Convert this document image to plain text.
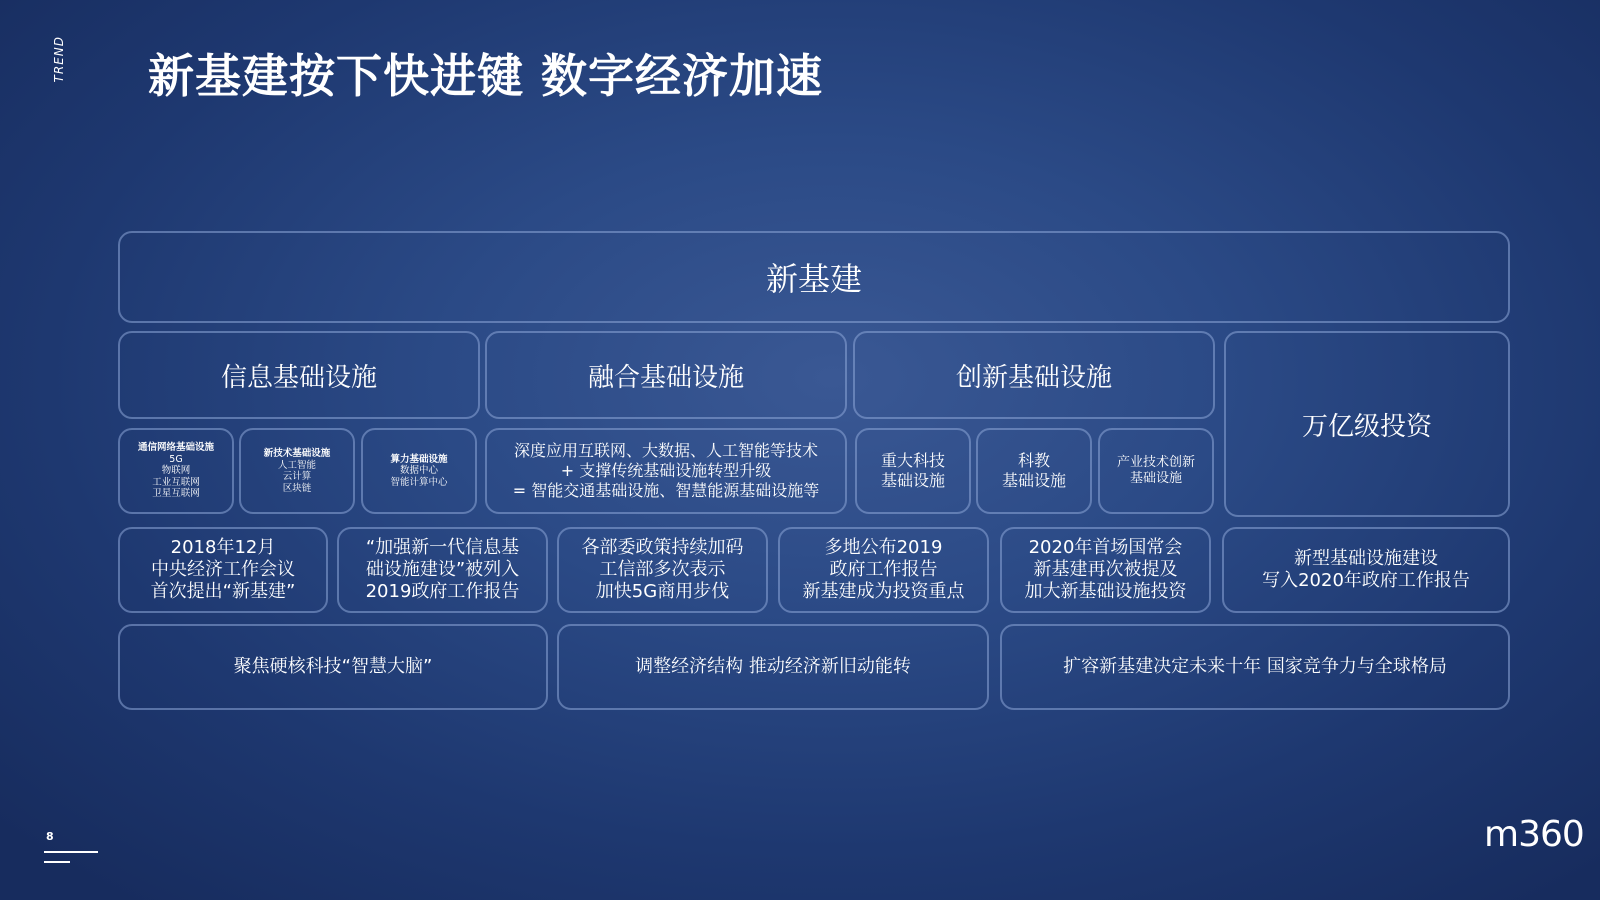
TREND 新基建按下快进键 数字经济加速
新基建
信息基础设施	融合基础设施	创新基础设施
万亿级投资
通信网络基础设施
5G
物联网
工业互联网
卫星互联网
新技术基础设施
人工智能
云计算
区块链
算力基础设施
数据中心
智能计算中心
深度应用互联网、大数据、人工智能等技术
+ 支撑传统基础设施转型升级
= 智能交通基础设施、智慧能源基础设施等
重大科技
基础设施
科教
基础设施
产业技术创新
基础设施
2018年12月
中央经济工作会议
首次提出“新基建”
“加强新一代信息基
础设施建设”被列入
2019政府工作报告
各部委政策持续加码
工信部多次表示
加快5G商用步伐
多地公布2019
政府工作报告
新基建成为投资重点
2020年首场国常会
新基建再次被提及
加大新基础设施投资
新型基础设施建设
写入2020年政府工作报告
聚焦硬核科技“智慧大脑”	调整经济结构 推动经济新旧动能转	扩容新基建决定未来十年 国家竞争力与全球格局
8	m360
